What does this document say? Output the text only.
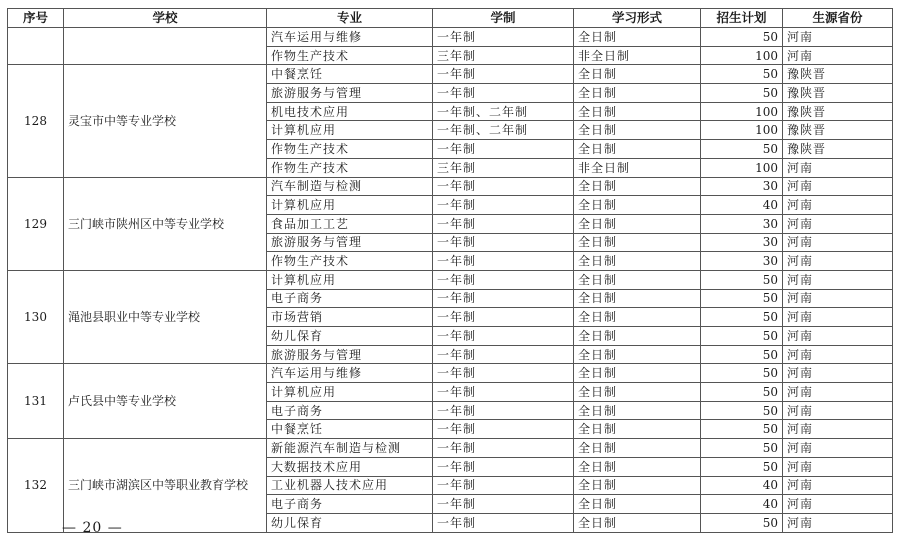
序号	学校	专业	学制	学习形式	招生计划	生源省份
		汽车运用与维修	一年制	全日制	50	河南
		作物生产技术	三年制	非全日制	100	河南
128	灵宝市中等专业学校	中餐烹饪	一年制	全日制	50	豫陕晋
		旅游服务与管理	一年制	全日制	50	豫陕晋
		机电技术应用	一年制、二年制	全日制	100	豫陕晋
		计算机应用	一年制、二年制	全日制	100	豫陕晋
		作物生产技术	一年制	全日制	50	豫陕晋
		作物生产技术	三年制	非全日制	100	河南
129	三门峡市陕州区中等专业学校	汽车制造与检测	一年制	全日制	30	河南
		计算机应用	一年制	全日制	40	河南
		食品加工工艺	一年制	全日制	30	河南
		旅游服务与管理	一年制	全日制	30	河南
		作物生产技术	一年制	全日制	30	河南
130	渑池县职业中等专业学校	计算机应用	一年制	全日制	50	河南
		电子商务	一年制	全日制	50	河南
		市场营销	一年制	全日制	50	河南
		幼儿保育	一年制	全日制	50	河南
		旅游服务与管理	一年制	全日制	50	河南
131	卢氏县中等专业学校	汽车运用与维修	一年制	全日制	50	河南
		计算机应用	一年制	全日制	50	河南
		电子商务	一年制	全日制	50	河南
		中餐烹饪	一年制	全日制	50	河南
132	三门峡市湖滨区中等职业教育学校	新能源汽车制造与检测	一年制	全日制	50	河南
		大数据技术应用	一年制	全日制	50	河南
		工业机器人技术应用	一年制	全日制	40	河南
		电子商务	一年制	全日制	40	河南
		幼儿保育	一年制	全日制	50	河南
— 20 —
